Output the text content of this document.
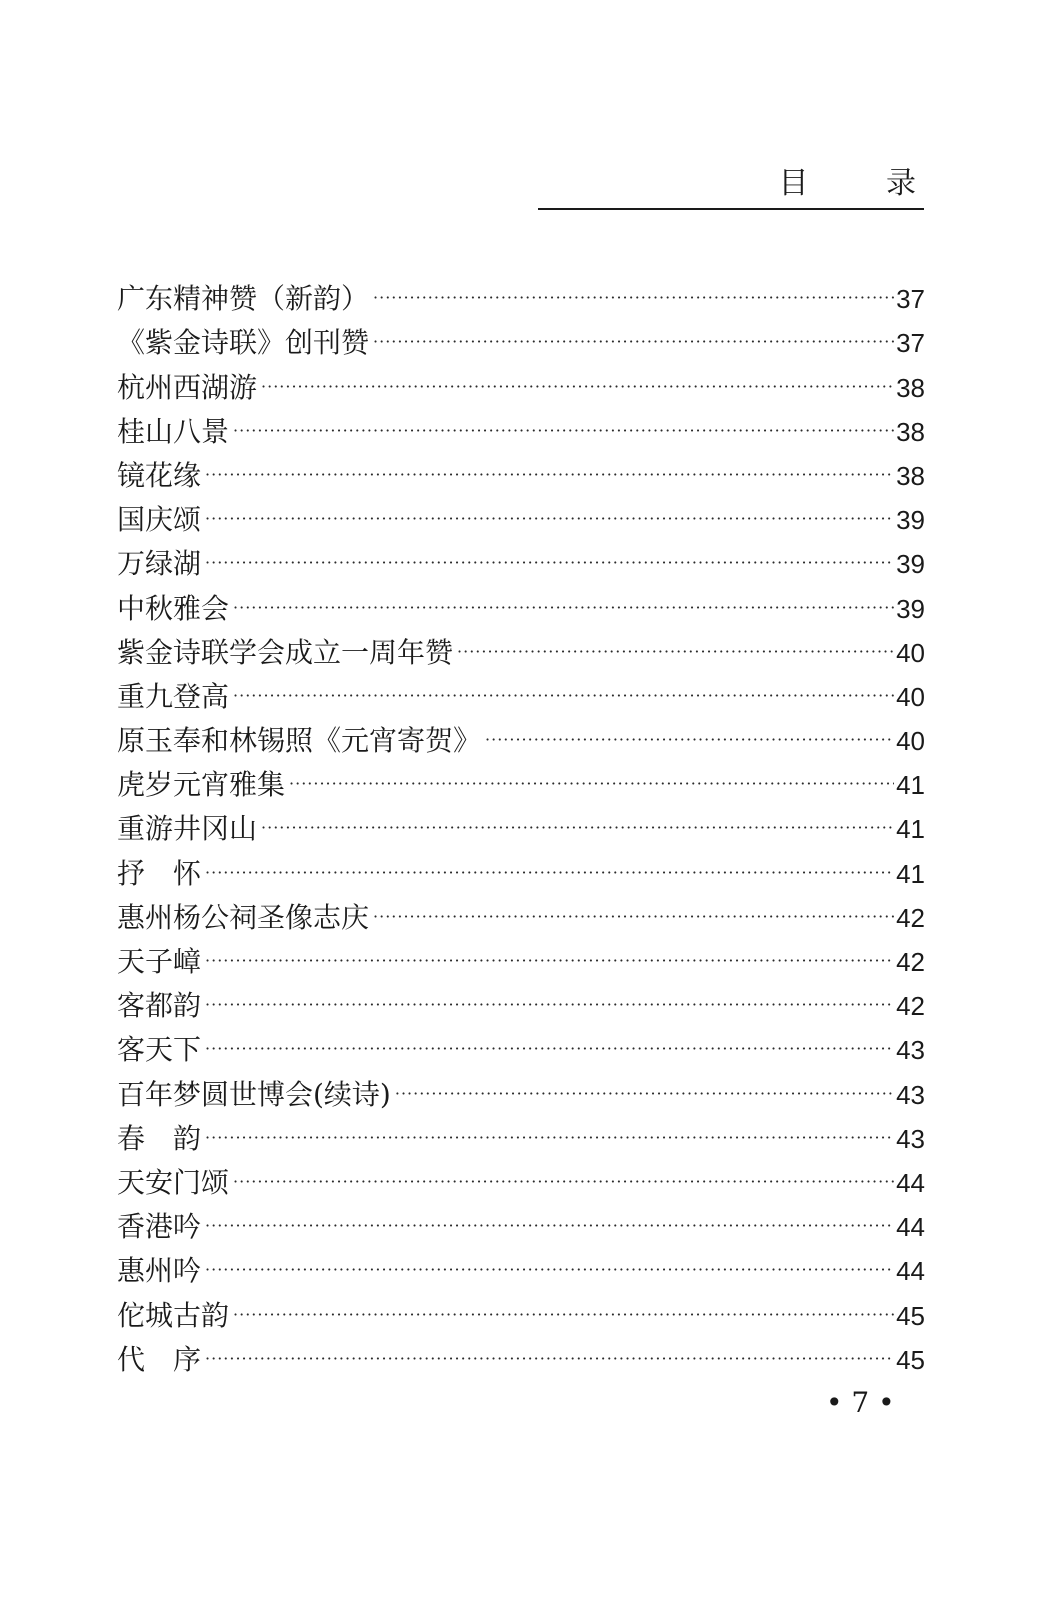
目 录
广东精神赞（新韵） ·····	37
《紫金诗联》创刊赞 ·····	37
杭州西湖游 ·····	38
桂山八景 ·····	38
镜花缘 ·····	38
国庆颂 ·····	39
万绿湖 ·····	39
中秋雅会 ·····	39
紫金诗联学会成立一周年赞 ·····	40
重九登高 ·····	40
原玉奉和林锡照《元宵寄贺》 ·····	40
虎岁元宵雅集 ·····	41
重游井冈山 ·····	41
抒　怀 ·····	41
惠州杨公祠圣像志庆 ·····	42
天子嶂 ·····	42
客都韵 ·····	42
客天下 ·····	43
百年梦圆世博会(续诗) ·····	43
春　韵 ·····	43
天安门颂 ·····	44
香港吟 ·····	44
惠州吟 ·····	44
佗城古韵 ·····	45
代　序 ·····	45
• 7 •
